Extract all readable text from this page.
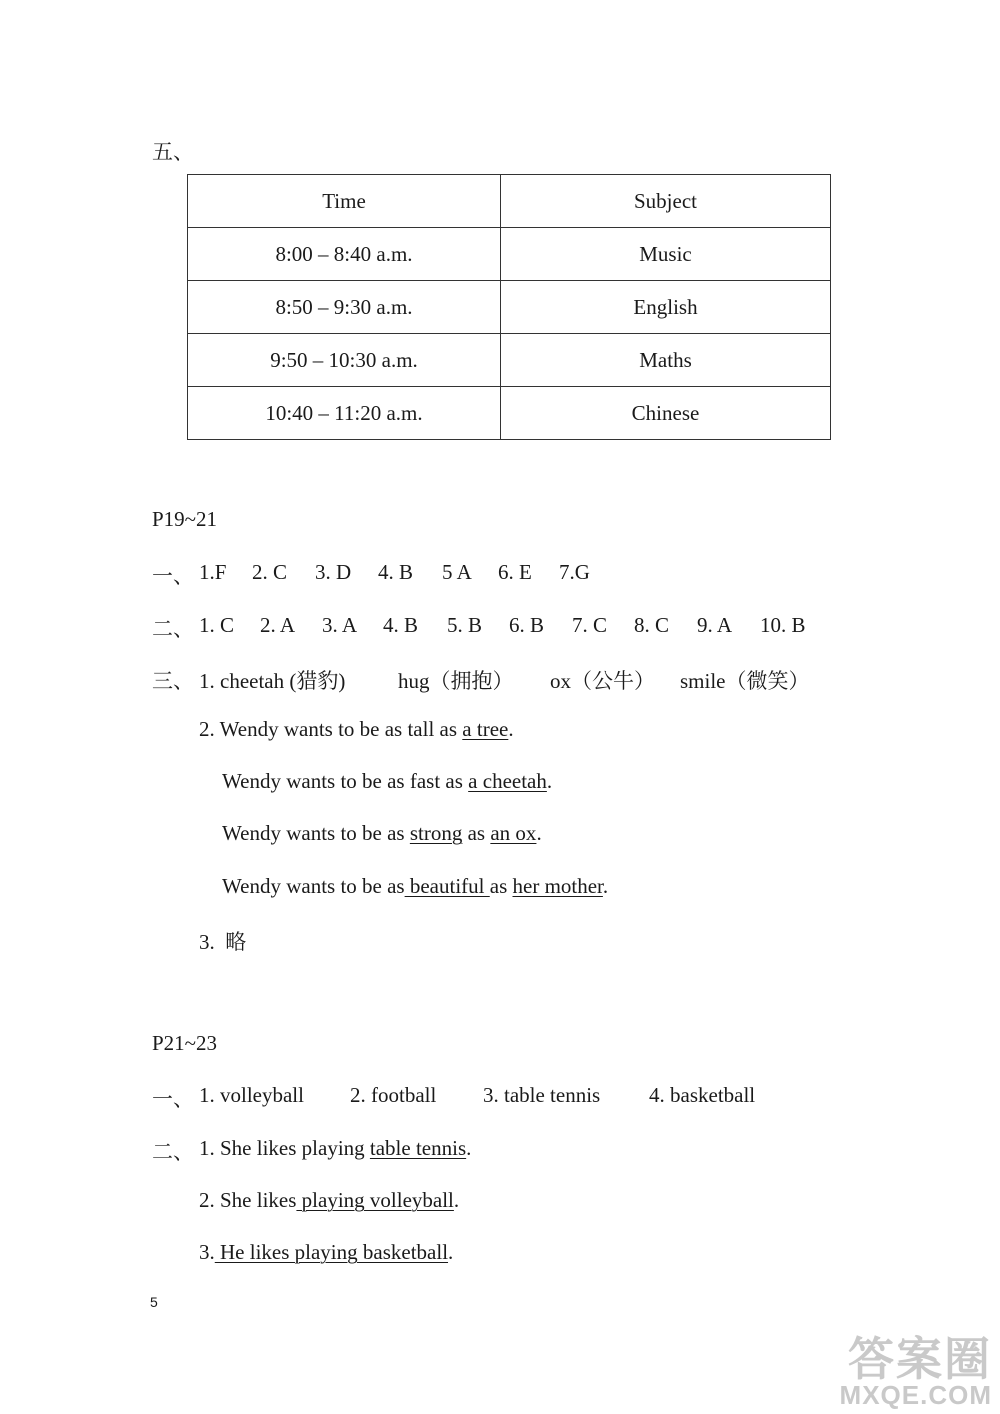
五、
Time	Subject
8:00 – 8:40 a.m.	Music
8:50 – 9:30 a.m.	English
9:50 – 10:30 a.m.	Maths
10:40 – 11:20 a.m.	Chinese
P19~21
一、 1.F 2. C 3. D 4. B 5 A 6. E 7.G
二、 1. C 2. A 3. A 4. B 5. B 6. B 7. C 8. C 9. A 10. B
三、 1. cheetah (猎豹)	hug（拥抱） ox（公牛） smile（微笑）
2. Wendy wants to be as tall as a tree.
Wendy wants to be as fast as a cheetah.
Wendy wants to be as strong as an ox.
Wendy wants to be as beautiful as her mother.
3.  略
P21~23
一、 1. volleyball 2. football 3. table tennis 4. basketball
二、 1. She likes playing table tennis.
2. She likes playing volleyball.
3. He likes playing basketball.
5
答案圈
MXQE.COM
